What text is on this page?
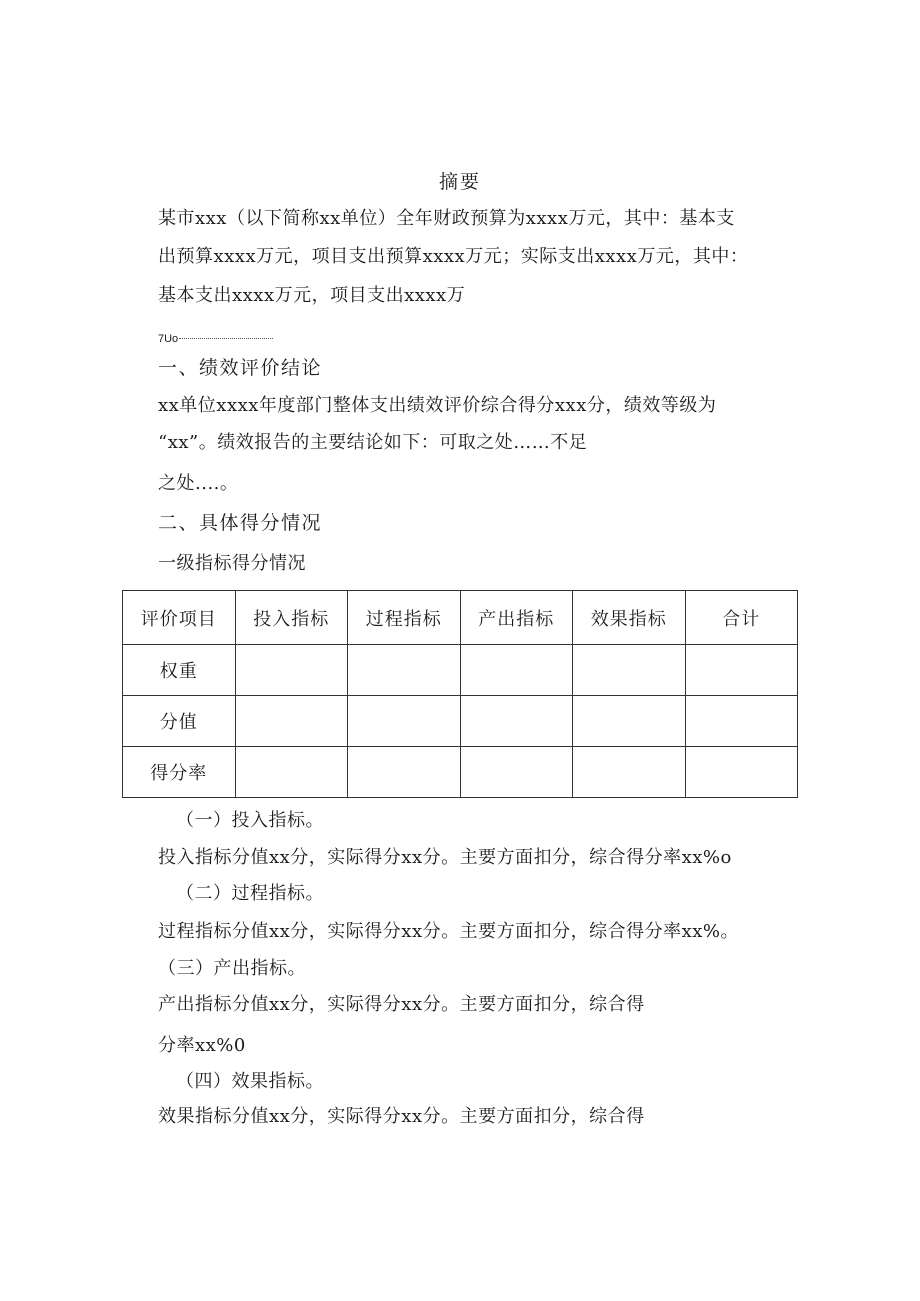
摘要
某市xxx（以下简称xx单位）全年财政预算为xxxx万元，其中：基本支
出预算xxxx万元，项目支出预算xxxx万元；实际支出xxxx万元，其中：
基本支出xxxx万元，项目支出xxxx万
7Uo
一、绩效评价结论
xx单位xxxx年度部门整体支出绩效评价综合得分xxx分，绩效等级为
“xx”。绩效报告的主要结论如下：可取之处……不足
之处....。
二、具体得分情况
一级指标得分情况
评价项目	投入指标	过程指标	产出指标	效果指标	合计
权重					
分值					
得分率					
（一）投入指标。
投入指标分值xx分，实际得分xx分。主要方面扣分，综合得分率xx%o
（二）过程指标。
过程指标分值xx分，实际得分xx分。主要方面扣分，综合得分率xx%。
（三）产出指标。
产出指标分值xx分，实际得分xx分。主要方面扣分，综合得
分率xx%0
（四）效果指标。
效果指标分值xx分，实际得分xx分。主要方面扣分，综合得
